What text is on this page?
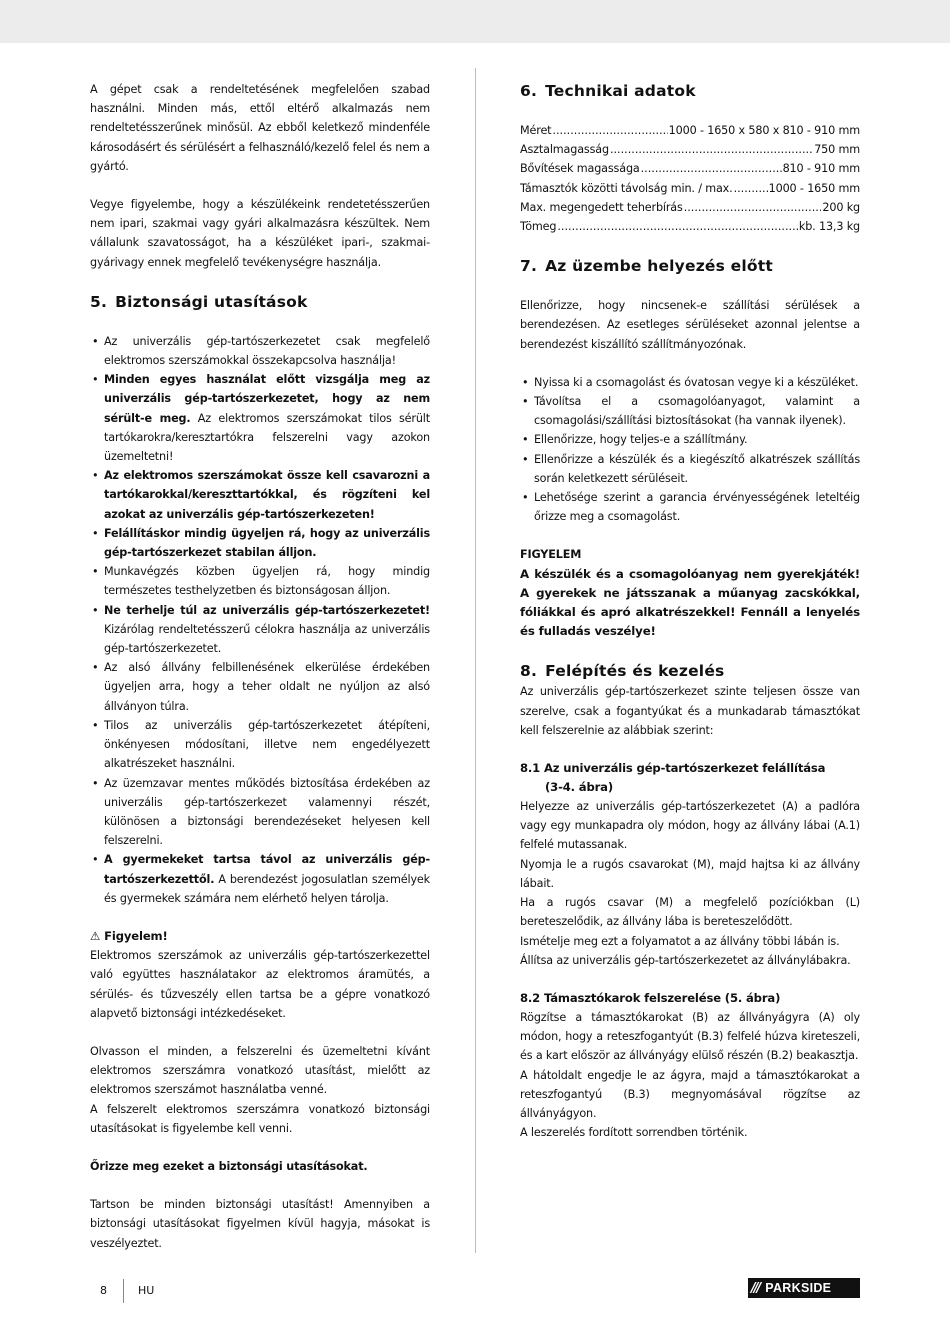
A gépet csak a rendeltetésének megfelelően szabad használni. Minden más, ettől eltérő alkalmazás nem rendeltetésszerűnek minősül. Az ebből keletkező mindenféle károsodásért és sérülésért a felhasználó/kezelő felel és nem a gyártó.

Vegye figyelembe, hogy a készülékeink rendetetésszerűen nem ipari, szakmai vagy gyári alkalmazásra készültek. Nem vállalunk szavatosságot, ha a készüléket ipari-, szakmai- gyárivagy ennek megfelelő tevékenységre használja.

5. Biztonsági utasítások
• Az univerzális gép-tartószerkezetet csak megfelelő elektromos szerszámokkal összekapcsolva használja!
• Minden egyes használat előtt vizsgálja meg az univerzális gép-tartószerkezetet, hogy az nem sérült-e meg. Az elektromos szerszámokat tilos sérült tartókarokra/keresztartókra felszerelni vagy azokon üzemeltetni!
• Az elektromos szerszámokat össze kell csavarozni a tartókarokkal/kereszttartókkal, és rögzíteni kel azokat az univerzális gép-tartószerkezeten!
• Felállításkor mindig ügyeljen rá, hogy az univerzális gép-tartószerkezet stabilan álljon.
• Munkavégzés közben ügyeljen rá, hogy mindig természetes testhelyzetben és biztonságosan álljon.
• Ne terhelje túl az univerzális gép-tartószerkezetet! Kizárólag rendeltetésszerű célokra használja az univerzális gép-tartószerkezetet.
• Az alsó állvány felbillenésének elkerülése érdekében ügyeljen arra, hogy a teher oldalt ne nyúljon az alsó állványon túlra.
• Tilos az univerzális gép-tartószerkezetet átépíteni, önkényesen módosítani, illetve nem engedélyezett alkatrészeket használni.
• Az üzemzavar mentes működés biztosítása érdekében az univerzális gép-tartószerkezet valamennyi részét, különösen a biztonsági berendezéseket helyesen kell felszerelni.
• A gyermekeket tartsa távol az univerzális gép-tartószerkezettől. A berendezést jogosulatlan személyek és gyermekek számára nem elérhető helyen tárolja.
⚠ Figyelem!

Elektromos szerszámok az univerzális gép-tartószerkezettel való együttes használatakor az elektromos áramütés, a sérülés- és tűzveszély ellen tartsa be a gépre vonatkozó alapvető biztonsági intézkedéseket.

Olvasson el minden, a felszerelni és üzemeltetni kívánt elektromos szerszámra vonatkozó utasítást, mielőtt az elektromos szerszámot használatba venné.

A felszerelt elektromos szerszámra vonatkozó biztonsági utasításokat is figyelembe kell venni.

Őrizze meg ezeket a biztonsági utasításokat.

Tartson be minden biztonsági utasítást! Amennyiben a biztonsági utasításokat figyelmen kívül hagyja, másokat is veszélyeztet.

6. Technikai adatok
Méret .....	1000 - 1650 x 580 x 810 - 910 mm
Asztalmagasság .....	750 mm
Bővítések magassága .....	810 - 910 mm
Támasztók közötti távolság min. / max. .....	1000 - 1650 mm
Max. megengedett teherbírás .....	200 kg
Tömeg .....	kb. 13,3 kg
7. Az üzembe helyezés előtt

Ellenőrizze, hogy nincsenek-e szállítási sérülések a berendezésen. Az esetleges sérüléseket azonnal jelentse a berendezést kiszállító szállítmányozónak.

• Nyissa ki a csomagolást és óvatosan vegye ki a készüléket.
• Távolítsa el a csomagolóanyagot, valamint a csomagolási/szállítási biztosításokat (ha vannak ilyenek).
• Ellenőrizze, hogy teljes-e a szállítmány.
• Ellenőrizze a készülék és a kiegészítő alkatrészek szállítás során keletkezett sérüléseit.
• Lehetősége szerint a garancia érvényességének leteltéig őrizze meg a csomagolást.
FIGYELEM

A készülék és a csomagolóanyag nem gyerekjáték! A gyerekek ne játsszanak a műanyag zacskókkal, fóliákkal és apró alkatrészekkel! Fennáll a lenyelés és fulladás veszélye!

8. Felépítés és kezelés

Az univerzális gép-tartószerkezet szinte teljesen össze van szerelve, csak a fogantyúkat és a munkadarab támasztókat kell felszerelnie az alábbiak szerint:

8.1 Az univerzális gép-tartószerkezet felállítása
(3-4. ábra)

Helyezze az univerzális gép-tartószerkezetet (A) a padlóra vagy egy munkapadra oly módon, hogy az állvány lábai (A.1) felfelé mutassanak.

Nyomja le a rugós csavarokat (M), majd hajtsa ki az állvány lábait.

Ha a rugós csavar (M) a megfelelő pozíciókban (L) bereteszelődik, az állvány lába is bereteszelődött.

Ismételje meg ezt a folyamatot a az állvány többi lábán is.

Állítsa az univerzális gép-tartószerkezetet az állványlábakra.

8.2 Támasztókarok felszerelése (5. ábra)

Rögzítse a támasztókarokat (B) az állványágyra (A) oly módon, hogy a reteszfogantyút (B.3) felfelé húzva kireteszeli, és a kart először az állványágy elülső részén (B.2) beakasztja.

A hátoldalt engedje le az ágyra, majd a támasztókarokat a reteszfogantyú (B.3) megnyomásával rögzítse az állványágyon.

A leszerelés fordított sorrendben történik.

8	HU	/// PARKSIDE
